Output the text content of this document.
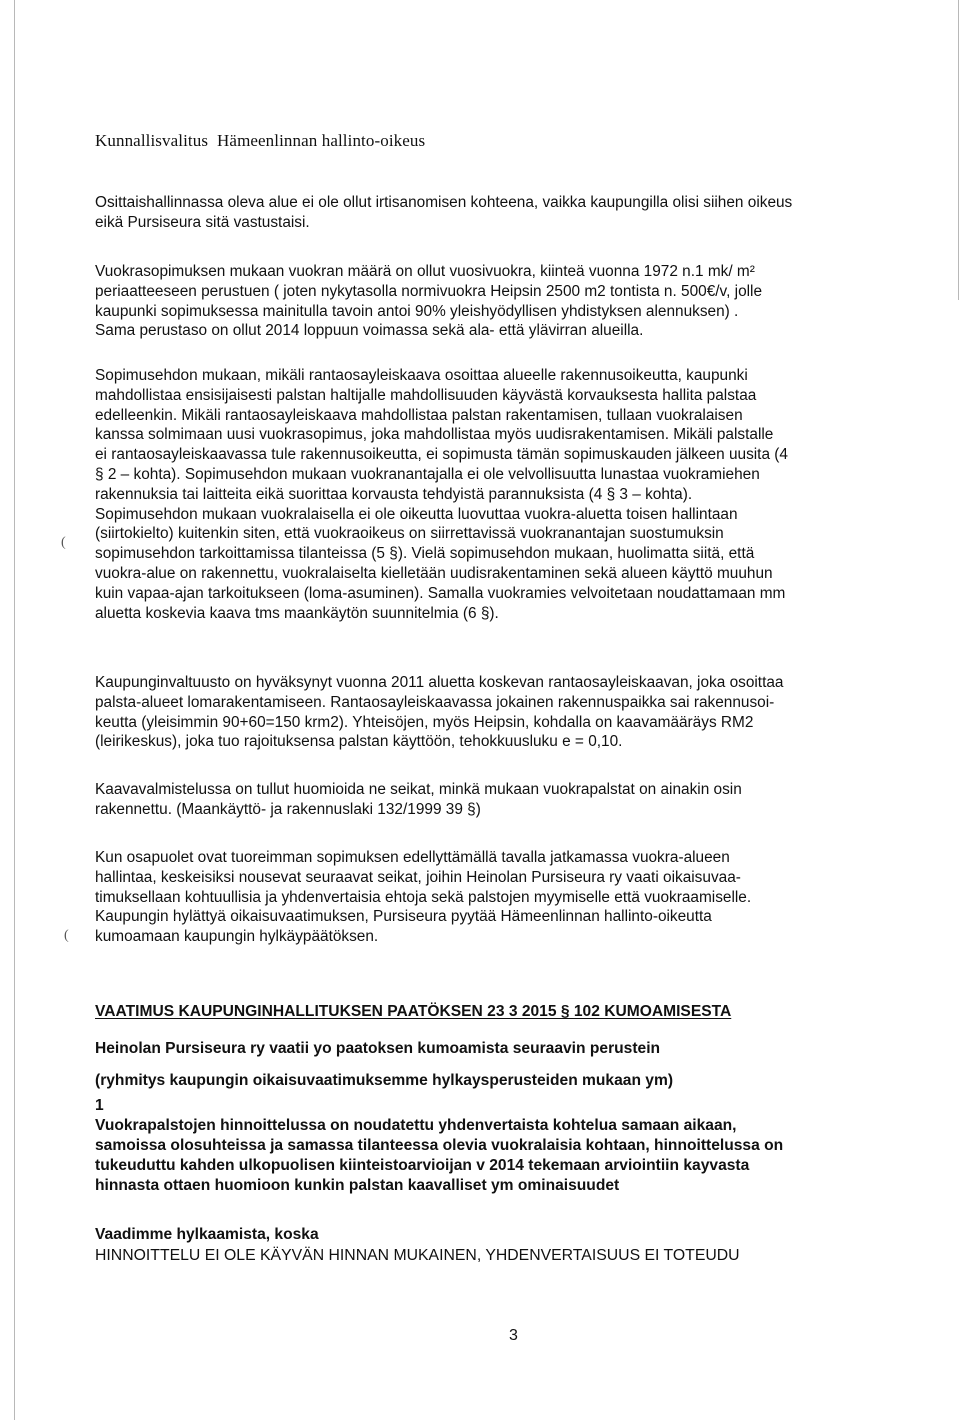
Kunnallisvalitus Hämeenlinnan hallinto-oikeus
Osittaishallinnassa oleva alue ei ole ollut irtisanomisen kohteena, vaikka kaupungilla olisi siihen oikeus
eikä Pursiseura sitä vastustaisi.
Vuokrasopimuksen mukaan vuokran määrä on ollut vuosivuokra, kiinteä vuonna 1972 n.1 mk/ m²
periaatteeseen perustuen ( joten nykytasolla normivuokra Heipsin 2500 m2 tontista n. 500€/v, jolle
kaupunki sopimuksessa mainitulla tavoin antoi 90% yleishyödyllisen yhdistyksen alennuksen) .
Sama perustaso on ollut 2014 loppuun voimassa sekä ala- että ylävirran alueilla.
Sopimusehdon mukaan, mikäli rantaosayleiskaava osoittaa alueelle rakennusoikeutta, kaupunki
mahdollistaa ensisijaisesti palstan haltijalle mahdollisuuden käyvästä korvauksesta hallita palstaa
edelleenkin. Mikäli rantaosayleiskaava mahdollistaa palstan rakentamisen, tullaan vuokralaisen
kanssa solmimaan uusi vuokrasopimus, joka mahdollistaa myös uudisrakentamisen. Mikäli palstalle
ei rantaosayleiskaavassa tule rakennusoikeutta, ei sopimusta tämän sopimuskauden jälkeen uusita (4
§ 2 – kohta). Sopimusehdon mukaan vuokranantajalla ei ole velvollisuutta lunastaa vuokramiehen
rakennuksia tai laitteita eikä suorittaa korvausta tehdyistä parannuksista (4 § 3 – kohta).
Sopimusehdon mukaan vuokralaisella ei ole oikeutta luovuttaa vuokra-aluetta toisen hallintaan
(siirtokielto) kuitenkin siten, että vuokraoikeus on siirrettavissä vuokranantajan suostumuksin
sopimusehdon tarkoittamissa tilanteissa (5 §). Vielä sopimusehdon mukaan, huolimatta siitä, että
vuokra-alue on rakennettu, vuokralaiselta kielletään uudisrakentaminen sekä alueen käyttö muuhun
kuin vapaa-ajan tarkoitukseen (loma-asuminen). Samalla vuokramies velvoitetaan noudattamaan mm
aluetta koskevia kaava tms maankäytön suunnitelmia (6 §).
Kaupunginvaltuusto on hyväksynyt vuonna 2011 aluetta koskevan rantaosayleiskaavan, joka osoittaa
palsta-alueet lomarakentamiseen. Rantaosayleiskaavassa jokainen rakennuspaikka sai rakennusoi-
keutta (yleisimmin 90+60=150 krm2). Yhteisöjen, myös Heipsin, kohdalla on kaavamääräys RM2
(leirikeskus), joka tuo rajoituksensa palstan käyttöön, tehokkuusluku e = 0,10.
Kaavavalmistelussa on tullut huomioida ne seikat, minkä mukaan vuokrapalstat on ainakin osin
rakennettu. (Maankäyttö- ja rakennuslaki 132/1999 39 §)
Kun osapuolet ovat tuoreimman sopimuksen edellyttämällä tavalla jatkamassa vuokra-alueen
hallintaa, keskeisiksi nousevat seuraavat seikat, joihin Heinolan Pursiseura ry vaati oikaisuvaa-
timuksellaan kohtuullisia ja yhdenvertaisia ehtoja sekä palstojen myymiselle että vuokraamiselle.
Kaupungin hylättyä oikaisuvaatimuksen, Pursiseura pyytää Hämeenlinnan hallinto-oikeutta
kumoamaan kaupungin hylkäypäätöksen.
VAATIMUS KAUPUNGINHALLITUKSEN PAATÖKSEN 23 3 2015 § 102 KUMOAMISESTA
Heinolan Pursiseura ry vaatii yo paatoksen kumoamista seuraavin perustein
(ryhmitys kaupungin oikaisuvaatimuksemme hylkaysperusteiden mukaan ym)
1
Vuokrapalstojen hinnoittelussa on noudatettu yhdenvertaista kohtelua samaan aikaan,
samoissa olosuhteissa ja samassa tilanteessa olevia vuokralaisia kohtaan, hinnoittelussa on
tukeuduttu kahden ulkopuolisen kiinteistoarvioijan v 2014 tekemaan arviointiin kayvasta
hinnasta ottaen huomioon kunkin palstan kaavalliset ym ominaisuudet
Vaadimme hylkaamista, koska
HINNOITTELU EI OLE KÄYVÄN HINNAN MUKAINEN, YHDENVERTAISUUS EI TOTEUDU
3
(
(
